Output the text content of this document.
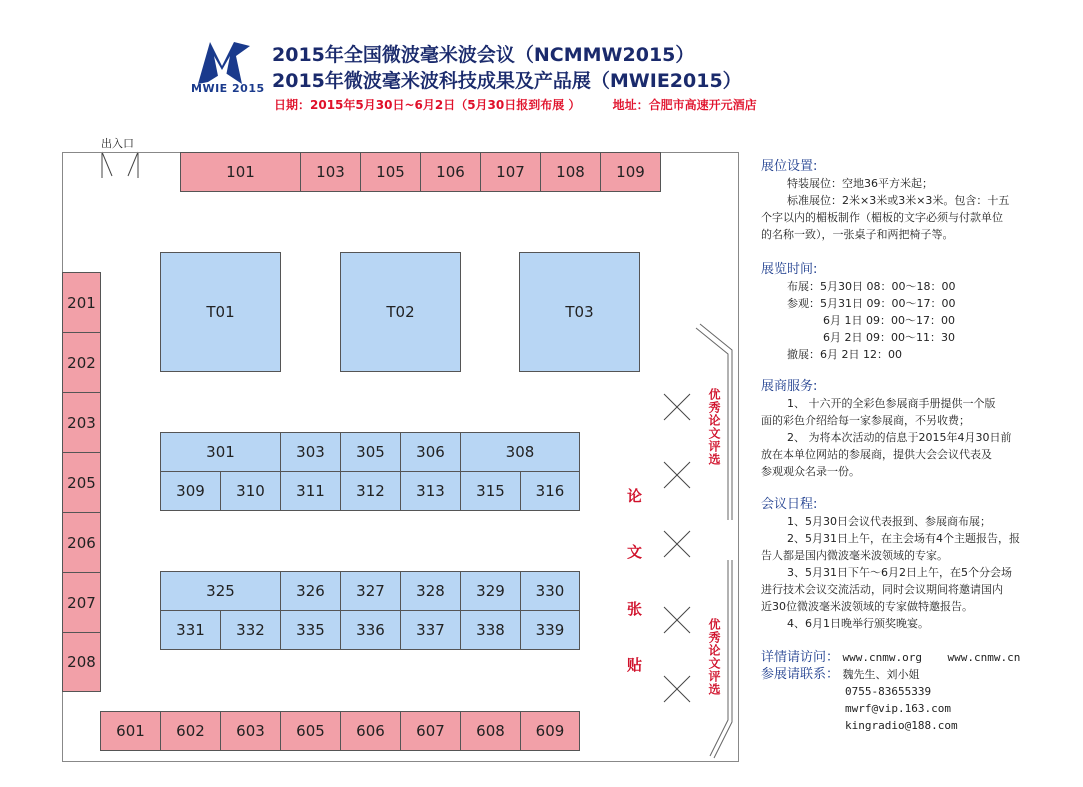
MWIE 2015
2015年全国微波毫米波会议（NCMMW2015）
2015年微波毫米波科技成果及产品展（MWIE2015）
日期：2015年5月30日~6月2日（5月30日报到布展 ）	地址：合肥市高速开元酒店
出入口
101	103	105	106	107	108	109
201
202
203
205
206
207
208
T01	T02	T03
301	303	305	306	308
309	310	311	312	313	315	316
325	326	327	328	329	330
331	332	335	336	337	338	339
601	602	603	605	606	607	608	609
优秀论文评选
优秀论文评选
论
文
张
贴
展位设置:
特装展位：空地36平方米起；
标准展位：2米×3米或3米×3米。包含：十五
个字以内的楣板制作（楣板的文字必须与付款单位
的名称一致），一张桌子和两把椅子等。
展览时间:
布展：5月30日 08：00～18：00
参观：5月31日 09：00～17：00
6月 1日 09：00～17：00
6月 2日 09：00～11：30
撤展：6月 2日 12：00
展商服务:
1、 十六开的全彩色参展商手册提供一个版
面的彩色介绍给每一家参展商，不另收费；
2、 为将本次活动的信息于2015年4月30日前
放在本单位网站的参展商，提供大会会议代表及
参观观众名录一份。
会议日程:
1、5月30日会议代表报到、参展商布展；
2、5月31日上午，在主会场有4个主题报告，报
告人都是国内微波毫米波领域的专家。
3、5月31日下午～6月2日上午，在5个分会场
进行技术会议交流活动，同时会议期间将邀请国内
近30位微波毫米波领域的专家做特邀报告。
4、6月1日晚举行颁奖晚宴。
详情请访问： www.cnmw.org www.cnmw.cn
参展请联系： 魏先生、刘小姐
0755-83655339
mwrf@vip.163.com
kingradio@188.com
